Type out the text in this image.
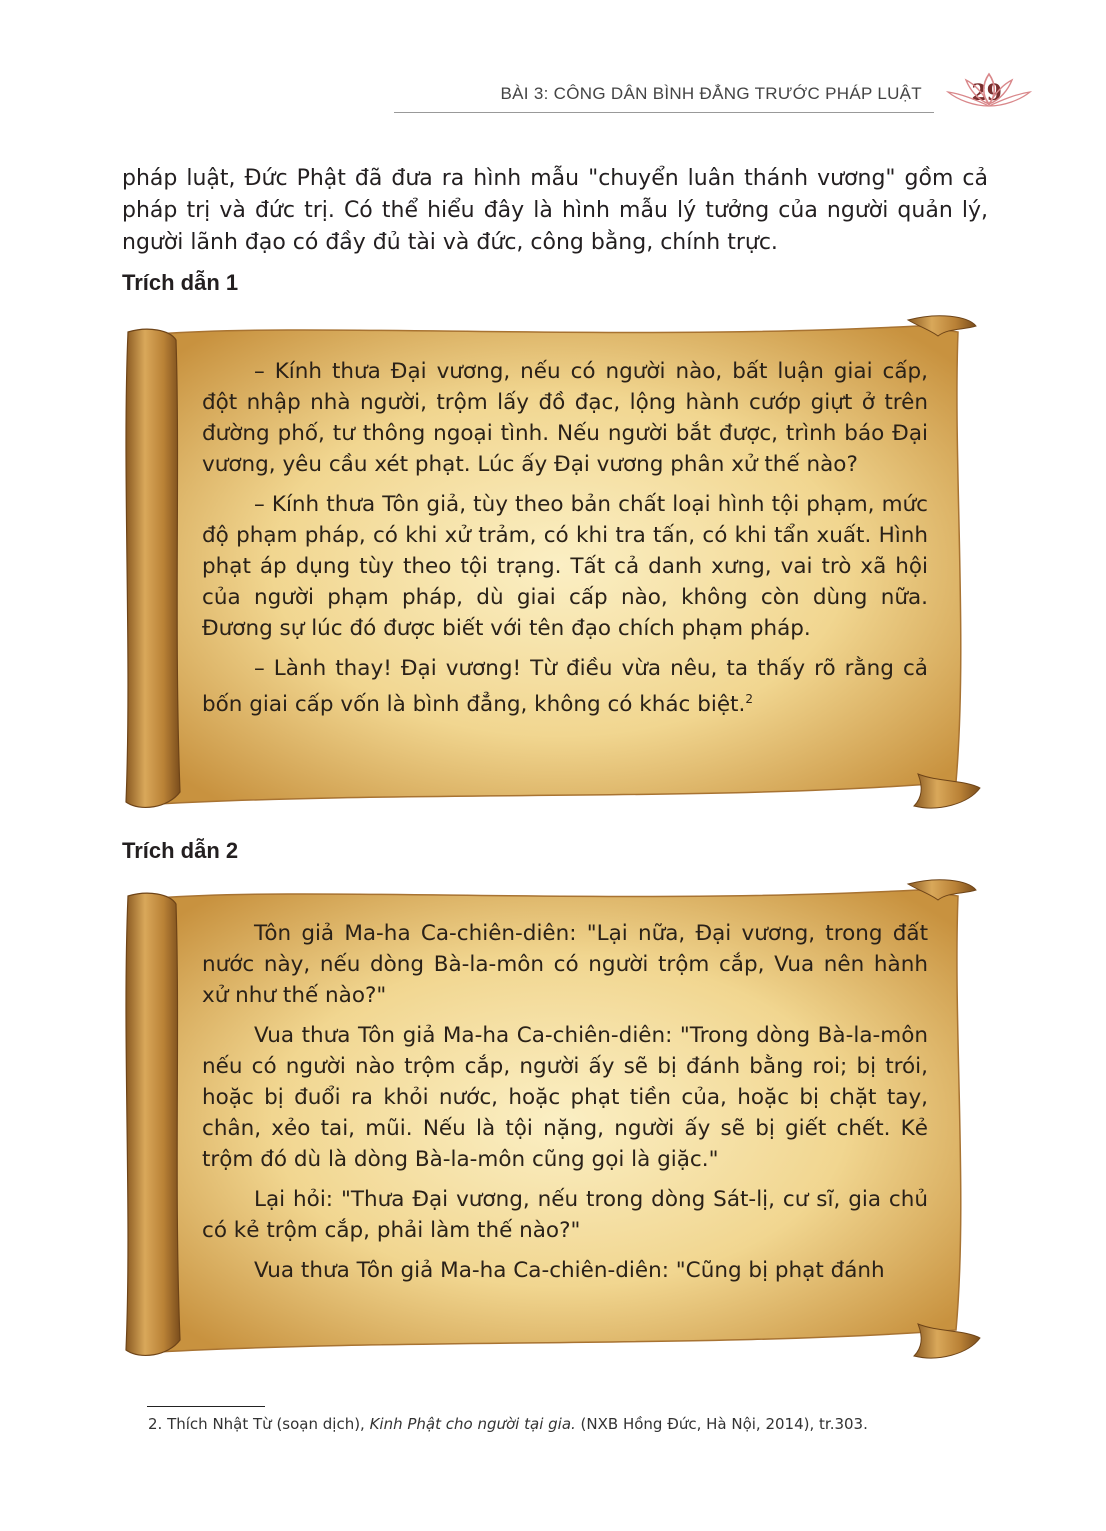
BÀI 3: CÔNG DÂN BÌNH ĐẲNG TRƯỚC PHÁP LUẬT 29

pháp luật, Đức Phật đã đưa ra hình mẫu "chuyển luân thánh vương" gồm cả pháp trị và đức trị. Có thể hiểu đây là hình mẫu lý tưởng của người quản lý, người lãnh đạo có đầy đủ tài và đức, công bằng, chính trực.

Trích dẫn 1

– Kính thưa Đại vương, nếu có người nào, bất luận giai cấp, đột nhập nhà người, trộm lấy đồ đạc, lộng hành cướp giựt ở trên đường phố, tư thông ngoại tình. Nếu người bắt được, trình báo Đại vương, yêu cầu xét phạt. Lúc ấy Đại vương phân xử thế nào?

– Kính thưa Tôn giả, tùy theo bản chất loại hình tội phạm, mức độ phạm pháp, có khi xử trảm, có khi tra tấn, có khi tẩn xuất. Hình phạt áp dụng tùy theo tội trạng. Tất cả danh xưng, vai trò xã hội của người phạm pháp, dù giai cấp nào, không còn dùng nữa. Đương sự lúc đó được biết với tên đạo chích phạm pháp.

– Lành thay! Đại vương! Từ điều vừa nêu, ta thấy rõ rằng cả bốn giai cấp vốn là bình đẳng, không có khác biệt.$^2$

Trích dẫn 2

Tôn giả Ma-ha Ca-chiên-diên: "Lại nữa, Đại vương, trong đất nước này, nếu dòng Bà-la-môn có người trộm cắp, Vua nên hành xử như thế nào?"

Vua thưa Tôn giả Ma-ha Ca-chiên-diên: "Trong dòng Bà-la-môn nếu có người nào trộm cắp, người ấy sẽ bị đánh bằng roi; bị trói, hoặc bị đuổi ra khỏi nước, hoặc phạt tiền của, hoặc bị chặt tay, chân, xẻo tai, mũi. Nếu là tội nặng, người ấy sẽ bị giết chết. Kẻ trộm đó dù là dòng Bà-la-môn cũng gọi là giặc."

Lại hỏi: "Thưa Đại vương, nếu trong dòng Sát-lị, cư sĩ, gia chủ có kẻ trộm cắp, phải làm thế nào?"

Vua thưa Tôn giả Ma-ha Ca-chiên-diên: "Cũng bị phạt đánh

2. Thích Nhật Từ (soạn dịch), Kinh Phật cho người tại gia. (NXB Hồng Đức, Hà Nội, 2014), tr.303.
